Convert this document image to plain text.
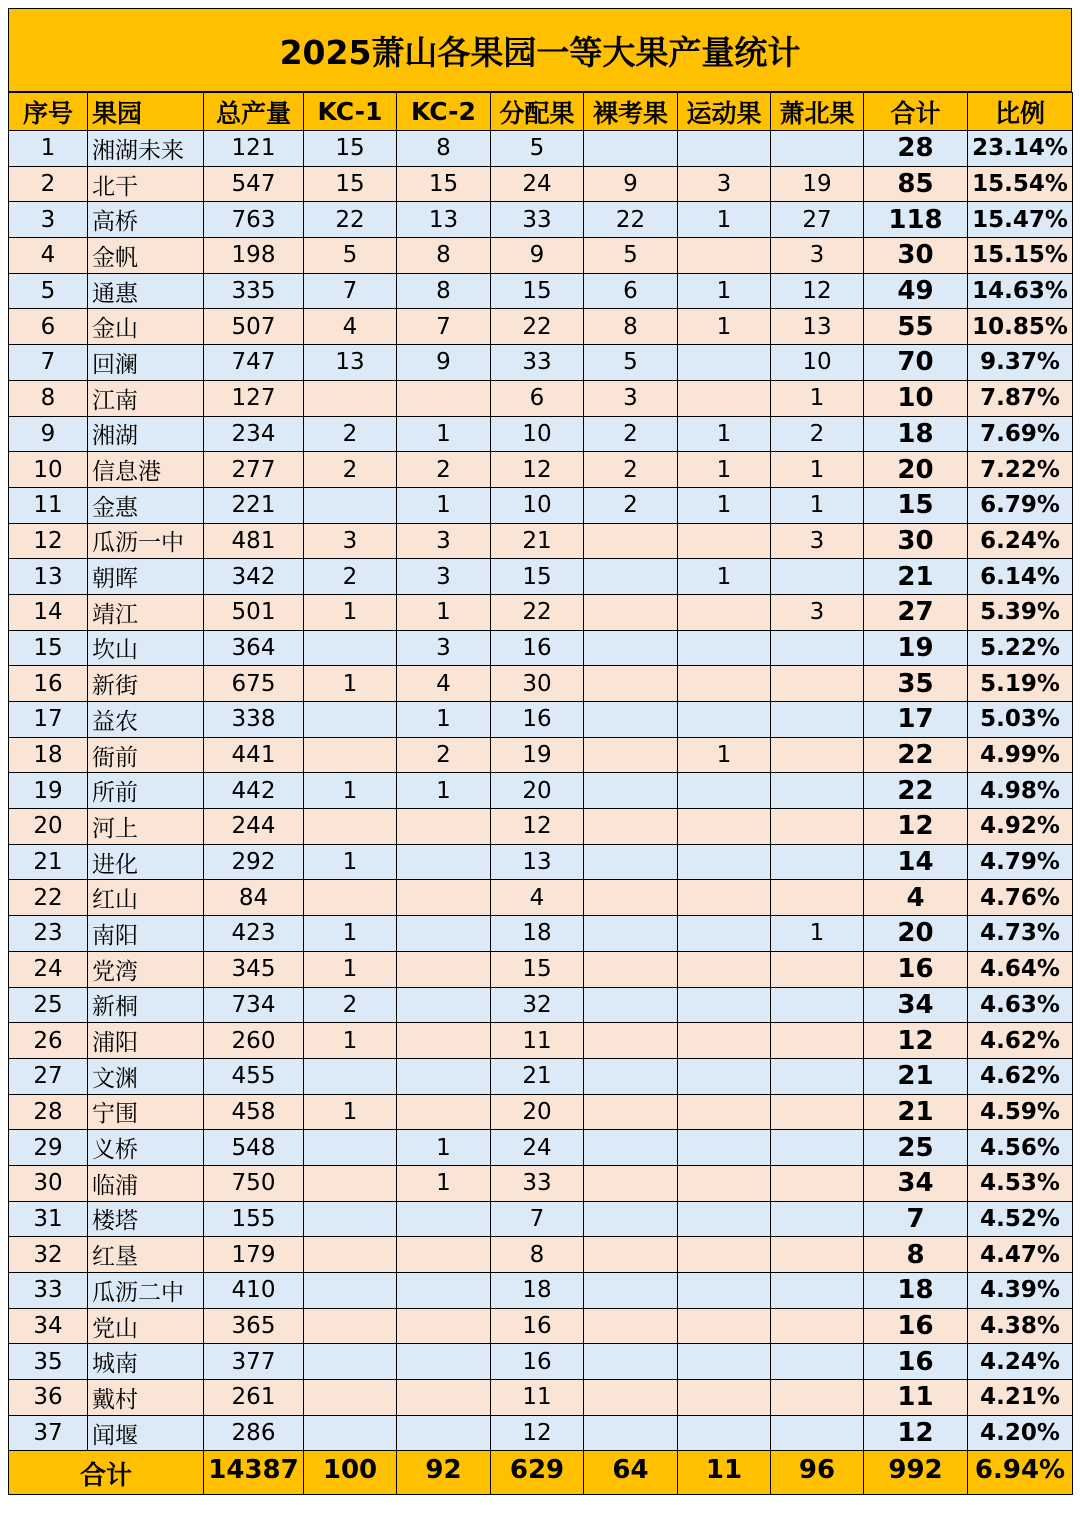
2025萧山各果园一等大果产量统计
序号	果园	总产量	KC-1	KC-2	分配果	裸考果	运动果	萧北果	合计	比例
1	湘湖未来	121	15	8	5				28	23.14%
2	北干	547	15	15	24	9	3	19	85	15.54%
3	高桥	763	22	13	33	22	1	27	118	15.47%
4	金帆	198	5	8	9	5		3	30	15.15%
5	通惠	335	7	8	15	6	1	12	49	14.63%
6	金山	507	4	7	22	8	1	13	55	10.85%
7	回澜	747	13	9	33	5		10	70	9.37%
8	江南	127			6	3		1	10	7.87%
9	湘湖	234	2	1	10	2	1	2	18	7.69%
10	信息港	277	2	2	12	2	1	1	20	7.22%
11	金惠	221		1	10	2	1	1	15	6.79%
12	瓜沥一中	481	3	3	21			3	30	6.24%
13	朝晖	342	2	3	15		1		21	6.14%
14	靖江	501	1	1	22			3	27	5.39%
15	坎山	364		3	16				19	5.22%
16	新街	675	1	4	30				35	5.19%
17	益农	338		1	16				17	5.03%
18	衙前	441		2	19		1		22	4.99%
19	所前	442	1	1	20				22	4.98%
20	河上	244			12				12	4.92%
21	进化	292	1		13				14	4.79%
22	红山	84			4				4	4.76%
23	南阳	423	1		18			1	20	4.73%
24	党湾	345	1		15				16	4.64%
25	新桐	734	2		32				34	4.63%
26	浦阳	260	1		11				12	4.62%
27	文渊	455			21				21	4.62%
28	宁围	458	1		20				21	4.59%
29	义桥	548		1	24				25	4.56%
30	临浦	750		1	33				34	4.53%
31	楼塔	155			7				7	4.52%
32	红垦	179			8				8	4.47%
33	瓜沥二中	410			18				18	4.39%
34	党山	365			16				16	4.38%
35	城南	377			16				16	4.24%
36	戴村	261			11				11	4.21%
37	闻堰	286			12				12	4.20%
合计		14387	100	92	629	64	11	96	992	6.94%
